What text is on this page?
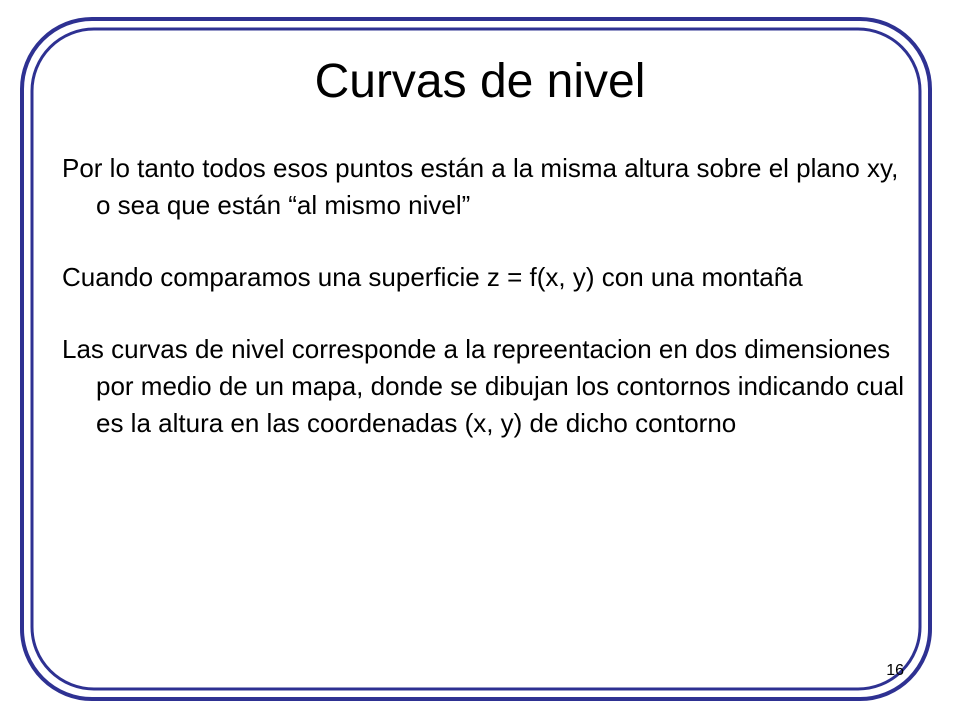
Curvas de nivel

Por lo tanto todos esos puntos están a la misma altura sobre el plano xy, o sea que están “al mismo nivel”

Cuando comparamos una superficie z = f(x, y) con una montaña

Las curvas de nivel corresponde a la repreentacion en dos dimensiones por medio de un mapa, donde se dibujan los contornos indicando cual es la altura en las coordenadas (x, y) de dicho contorno

16
